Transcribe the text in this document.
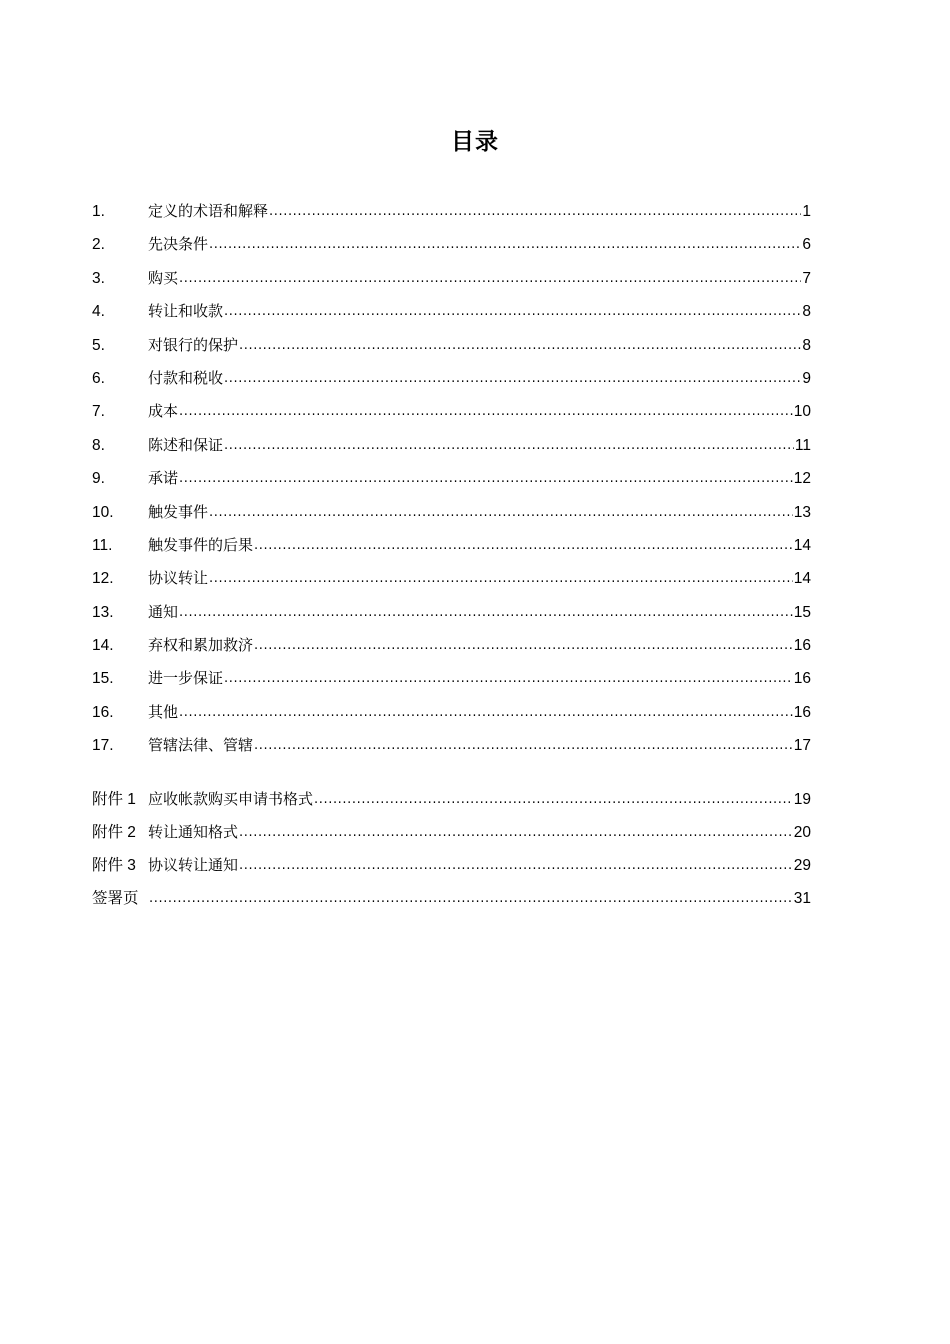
目录
1.	定义的术语和解释 .....	1
2.	先决条件 .....	6
3.	购买 .....	7
4.	转让和收款 .....	8
5.	对银行的保护 .....	8
6.	付款和税收 .....	9
7.	成本 .....	10
8.	陈述和保证 .....	11
9.	承诺 .....	12
10.	触发事件 .....	13
11.	触发事件的后果 .....	14
12.	协议转让 .....	14
13.	通知 .....	15
14.	弃权和累加救济 .....	16
15.	进一步保证 .....	16
16.	其他 .....	16
17.	管辖法律、管辖 .....	17
附件 1 应收帐款购买申请书格式 .....	19
附件 2 转让通知格式 .....	20
附件 3 协议转让通知 .....	29
签署页 .....	31
